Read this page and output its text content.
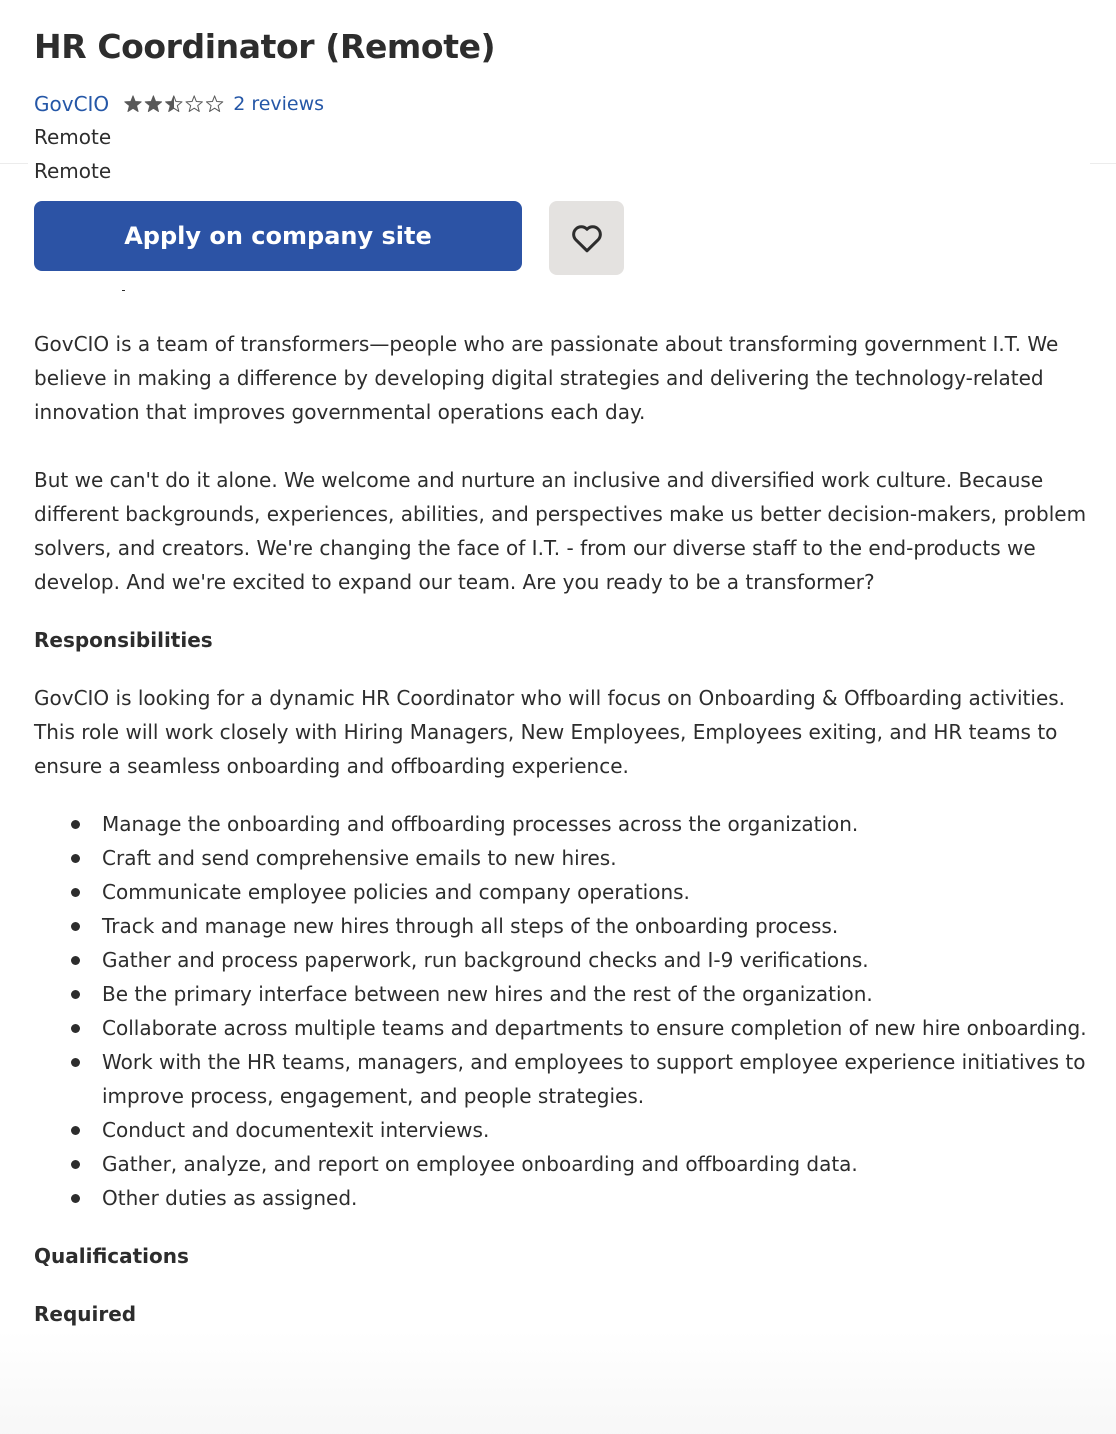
HR Coordinator (Remote)
GovCIO	2 reviews
Remote
Remote
Apply on company site

GovCIO is a team of transformers—people who are passionate about transforming government I.T. We believe in making a difference by developing digital strategies and delivering the technology-related innovation that improves governmental operations each day.

But we can't do it alone. We welcome and nurture an inclusive and diversified work culture. Because different backgrounds, experiences, abilities, and perspectives make us better decision-makers, problem solvers, and creators. We're changing the face of I.T. - from our diverse staff to the end-products we develop. And we're excited to expand our team. Are you ready to be a transformer?

Responsibilities

GovCIO is looking for a dynamic HR Coordinator who will focus on Onboarding & Offboarding activities. This role will work closely with Hiring Managers, New Employees, Employees exiting, and HR teams to ensure a seamless onboarding and offboarding experience.

Manage the onboarding and offboarding processes across the organization.
Craft and send comprehensive emails to new hires.
Communicate employee policies and company operations.
Track and manage new hires through all steps of the onboarding process.
Gather and process paperwork, run background checks and I-9 verifications.
Be the primary interface between new hires and the rest of the organization.
Collaborate across multiple teams and departments to ensure completion of new hire onboarding.
Work with the HR teams, managers, and employees to support employee experience initiatives to improve process, engagement, and people strategies.
Conduct and documentexit interviews.
Gather, analyze, and report on employee onboarding and offboarding data.
Other duties as assigned.
Qualifications
Required
